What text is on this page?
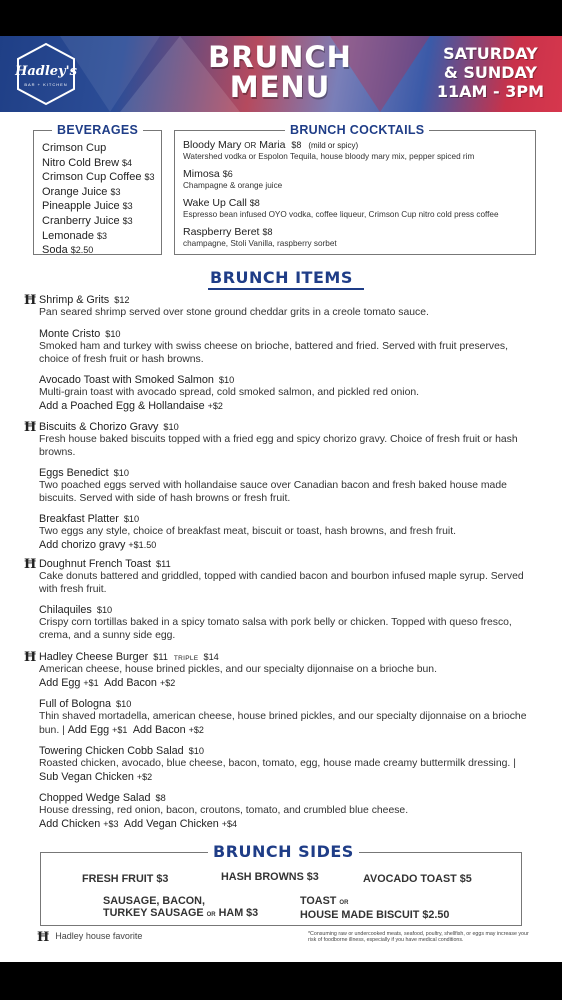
Hadley's
BAR + KITCHEN
BRUNCH
MENU
SATURDAY
& SUNDAY
11AM - 3PM
BEVERAGES
Crimson Cup
Nitro Cold Brew $4
Crimson Cup Coffee $3
Orange Juice $3
Pineapple Juice $3
Cranberry Juice $3
Lemonade $3
Soda $2.50
BRUNCH COCKTAILS
Bloody Mary OR Maria $8 (mild or spicy)
Watershed vodka or Espolon Tequila, house bloody mary mix, pepper spiced rim
Mimosa $6
Champagne & orange juice
Wake Up Call $8
Espresso bean infused OYO vodka, coffee liqueur, Crimson Cup nitro cold press coffee
Raspberry Beret $8
champagne, Stoli Vanilla, raspberry sorbet
BRUNCH ITEMS
Ħ Shrimp & Grits $12
Pan seared shrimp served over stone ground cheddar grits in a creole tomato sauce.
Monte Cristo $10
Smoked ham and turkey with swiss cheese on brioche, battered and fried. Served with fruit preserves, choice of fresh fruit or hash browns.
Avocado Toast with Smoked Salmon $10
Multi-grain toast with avocado spread, cold smoked salmon, and pickled red onion.
Add a Poached Egg & Hollandaise +$2
Ħ Biscuits & Chorizo Gravy $10
Fresh house baked biscuits topped with a fried egg and spicy chorizo gravy. Choice of fresh fruit or hash browns.
Eggs Benedict $10
Two poached eggs served with hollandaise sauce over Canadian bacon and fresh baked house made biscuits. Served with side of hash browns or fresh fruit.
Breakfast Platter $10
Two eggs any style, choice of breakfast meat, biscuit or toast, hash browns, and fresh fruit.
Add chorizo gravy +$1.50
Ħ Doughnut French Toast $11
Cake donuts battered and griddled, topped with candied bacon and bourbon infused maple syrup. Served with fresh fruit.
Chilaquiles $10
Crispy corn tortillas baked in a spicy tomato salsa with pork belly or chicken. Topped with queso fresco, crema, and a sunny side egg.
Ħ Hadley Cheese Burger $11 TRIPLE $14
American cheese, house brined pickles, and our specialty dijonnaise on a brioche bun.
Add Egg +$1 Add Bacon +$2
Full of Bologna $10
Thin shaved mortadella, american cheese, house brined pickles, and our specialty dijonnaise on a brioche bun. | Add Egg +$1 Add Bacon +$2
Towering Chicken Cobb Salad $10
Roasted chicken, avocado, blue cheese, bacon, tomato, egg, house made creamy buttermilk dressing. | Sub Vegan Chicken +$2
Chopped Wedge Salad $8
House dressing, red onion, bacon, croutons, tomato, and crumbled blue cheese.
Add Chicken +$3 Add Vegan Chicken +$4
BRUNCH SIDES
FRESH FRUIT $3	HASH BROWNS $3	AVOCADO TOAST $5
SAUSAGE, BACON,
TURKEY SAUSAGE OR HAM $3
TOAST OR
HOUSE MADE BISCUIT $2.50
Ħ Hadley house favorite	*Consuming raw or undercooked meats, seafood, poultry, shellfish, or eggs may increase your risk of foodborne illness, especially if you have medical conditions.
